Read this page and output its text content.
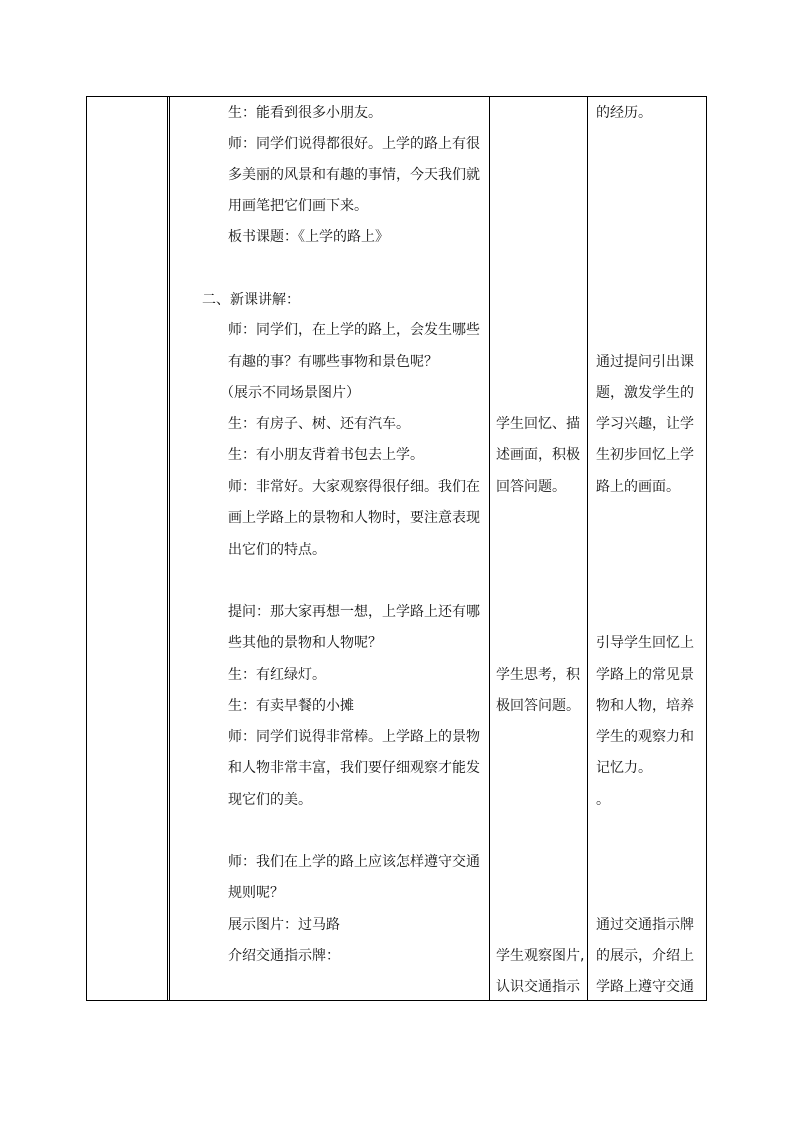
生：能看到很多小朋友。
师：同学们说得都很好。上学的路上有很
多美丽的风景和有趣的事情，今天我们就
用画笔把它们画下来。
板书课题：《上学的路上》
二、新课讲解：
师：同学们，在上学的路上，会发生哪些
有趣的事？有哪些事物和景色呢？
（展示不同场景图片）
生：有房子、树、还有汽车。
生：有小朋友背着书包去上学。
师：非常好。大家观察得很仔细。我们在
画上学路上的景物和人物时，要注意表现
出它们的特点。
提问：那大家再想一想，上学路上还有哪
些其他的景物和人物呢？
生：有红绿灯。
生：有卖早餐的小摊
师：同学们说得非常棒。上学路上的景物
和人物非常丰富，我们要仔细观察才能发
现它们的美。
师：我们在上学的路上应该怎样遵守交通
规则呢？
展示图片：过马路
介绍交通指示牌：
学生回忆、描
述画面，积极
回答问题。
学生思考，积
极回答问题。
学生观察图片,
认识交通指示
的经历。
通过提问引出课
题，激发学生的
学习兴趣，让学
生初步回忆上学
路上的画面。
引导学生回忆上
学路上的常见景
物和人物，培养
学生的观察力和
记忆力。
。
通过交通指示牌
的展示，介绍上
学路上遵守交通
